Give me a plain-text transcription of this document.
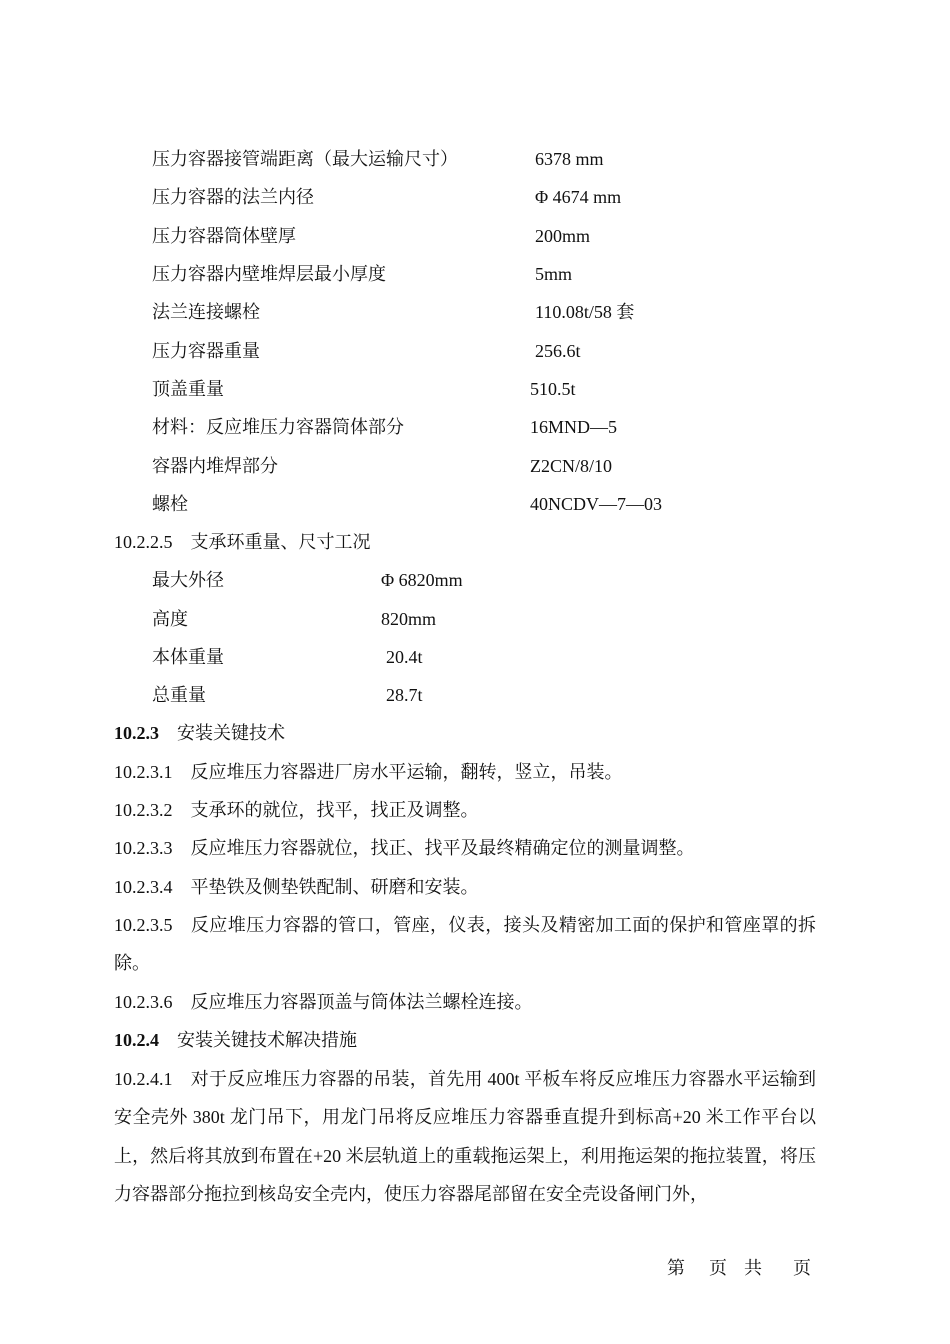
压力容器接管端距离（最大运输尺寸）	6378 mm
压力容器的法兰内径	Φ 4674 mm
压力容器筒体壁厚	200mm
压力容器内壁堆焊层最小厚度	5mm
法兰连接螺栓	110.08t/58 套
压力容器重量	256.6t
顶盖重量	510.5t
材料：反应堆压力容器筒体部分	16MND—5
容器内堆焊部分	Z2CN/8/10
螺栓	40NCDV—7—03
10.2.2.5 支承环重量、尺寸工况
最大外径	Φ 6820mm
高度	820mm
本体重量	20.4t
总重量	28.7t
10.2.3 安装关键技术
10.2.3.1 反应堆压力容器进厂房水平运输，翻转，竖立，吊装。
10.2.3.2 支承环的就位，找平，找正及调整。
10.2.3.3 反应堆压力容器就位，找正、找平及最终精确定位的测量调整。
10.2.3.4 平垫铁及侧垫铁配制、研磨和安装。
10.2.3.5 反应堆压力容器的管口，管座，仪表，接头及精密加工面的保护和管座罩的拆除。
10.2.3.6 反应堆压力容器顶盖与筒体法兰螺栓连接。
10.2.4 安装关键技术解决措施
10.2.4.1 对于反应堆压力容器的吊装，首先用 400t 平板车将反应堆压力容器水平运输到安全壳外 380t 龙门吊下，用龙门吊将反应堆压力容器垂直提升到标高+20 米工作平台以上，然后将其放到布置在+20 米层轨道上的重载拖运架上，利用拖运架的拖拉装置，将压力容器部分拖拉到核岛安全壳内，使压力容器尾部留在安全壳设备闸门外，
第 页 共 页
